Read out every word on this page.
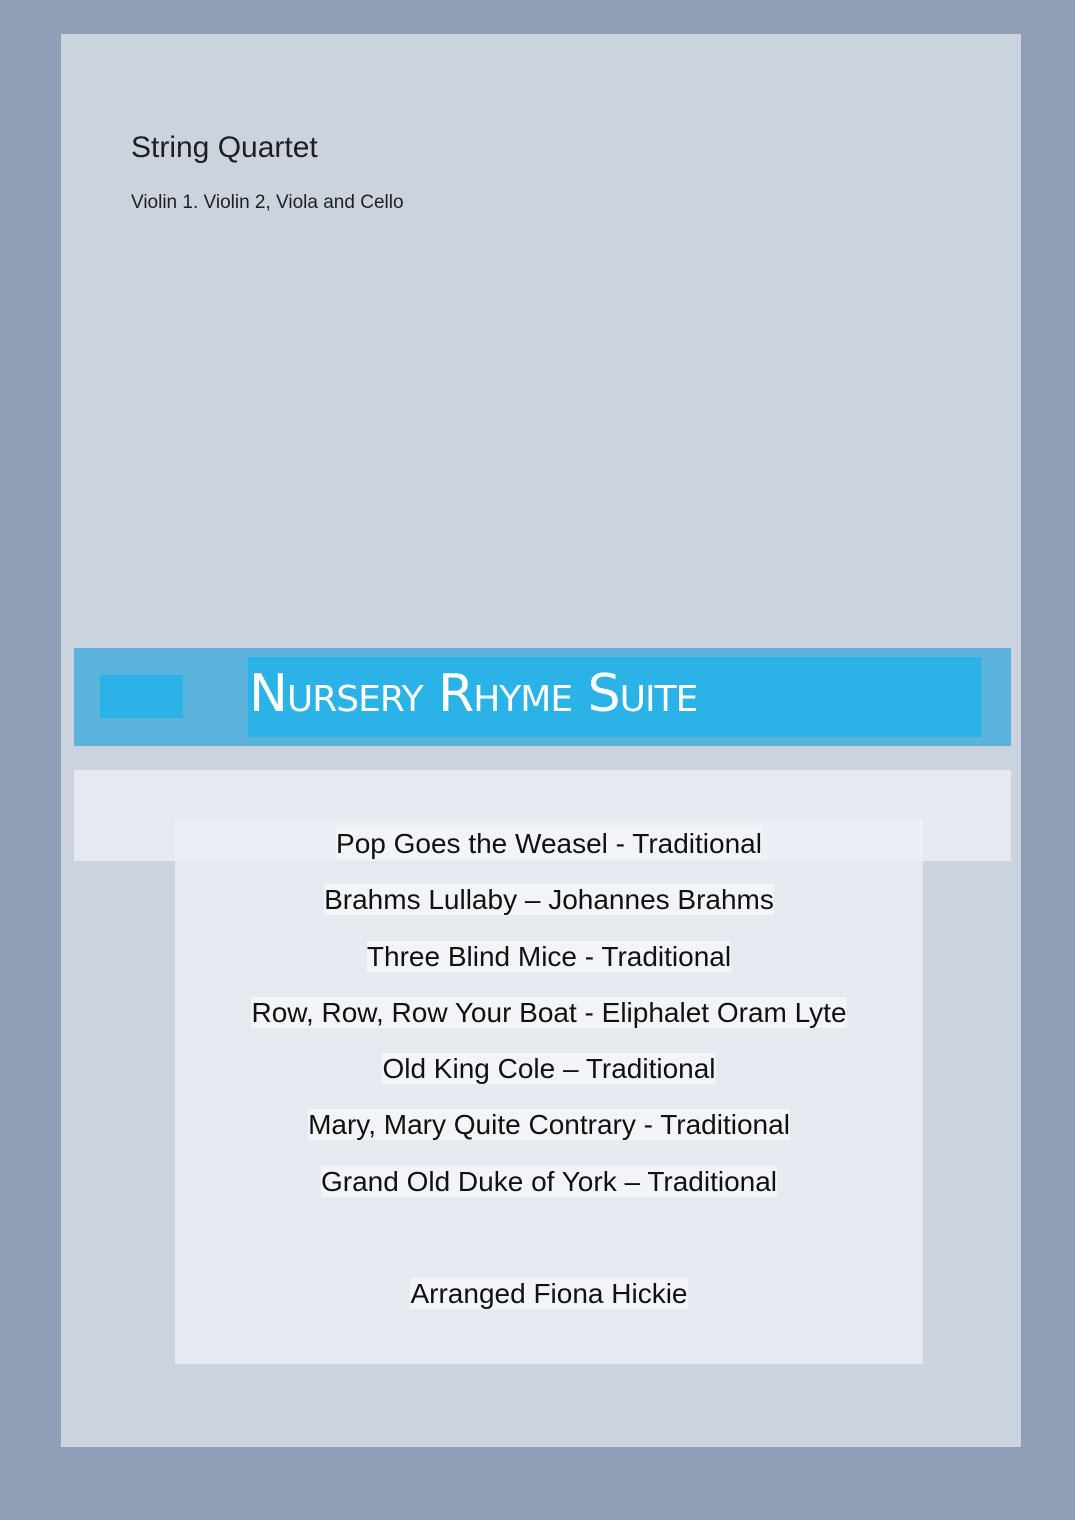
String Quartet
Violin 1. Violin 2, Viola and Cello
Nursery Rhyme Suite
Pop Goes the Weasel - Traditional
Brahms Lullaby – Johannes Brahms
Three Blind Mice - Traditional
Row, Row, Row Your Boat - Eliphalet Oram Lyte
Old King Cole – Traditional
Mary, Mary Quite Contrary - Traditional
Grand Old Duke of York – Traditional
Arranged Fiona Hickie
